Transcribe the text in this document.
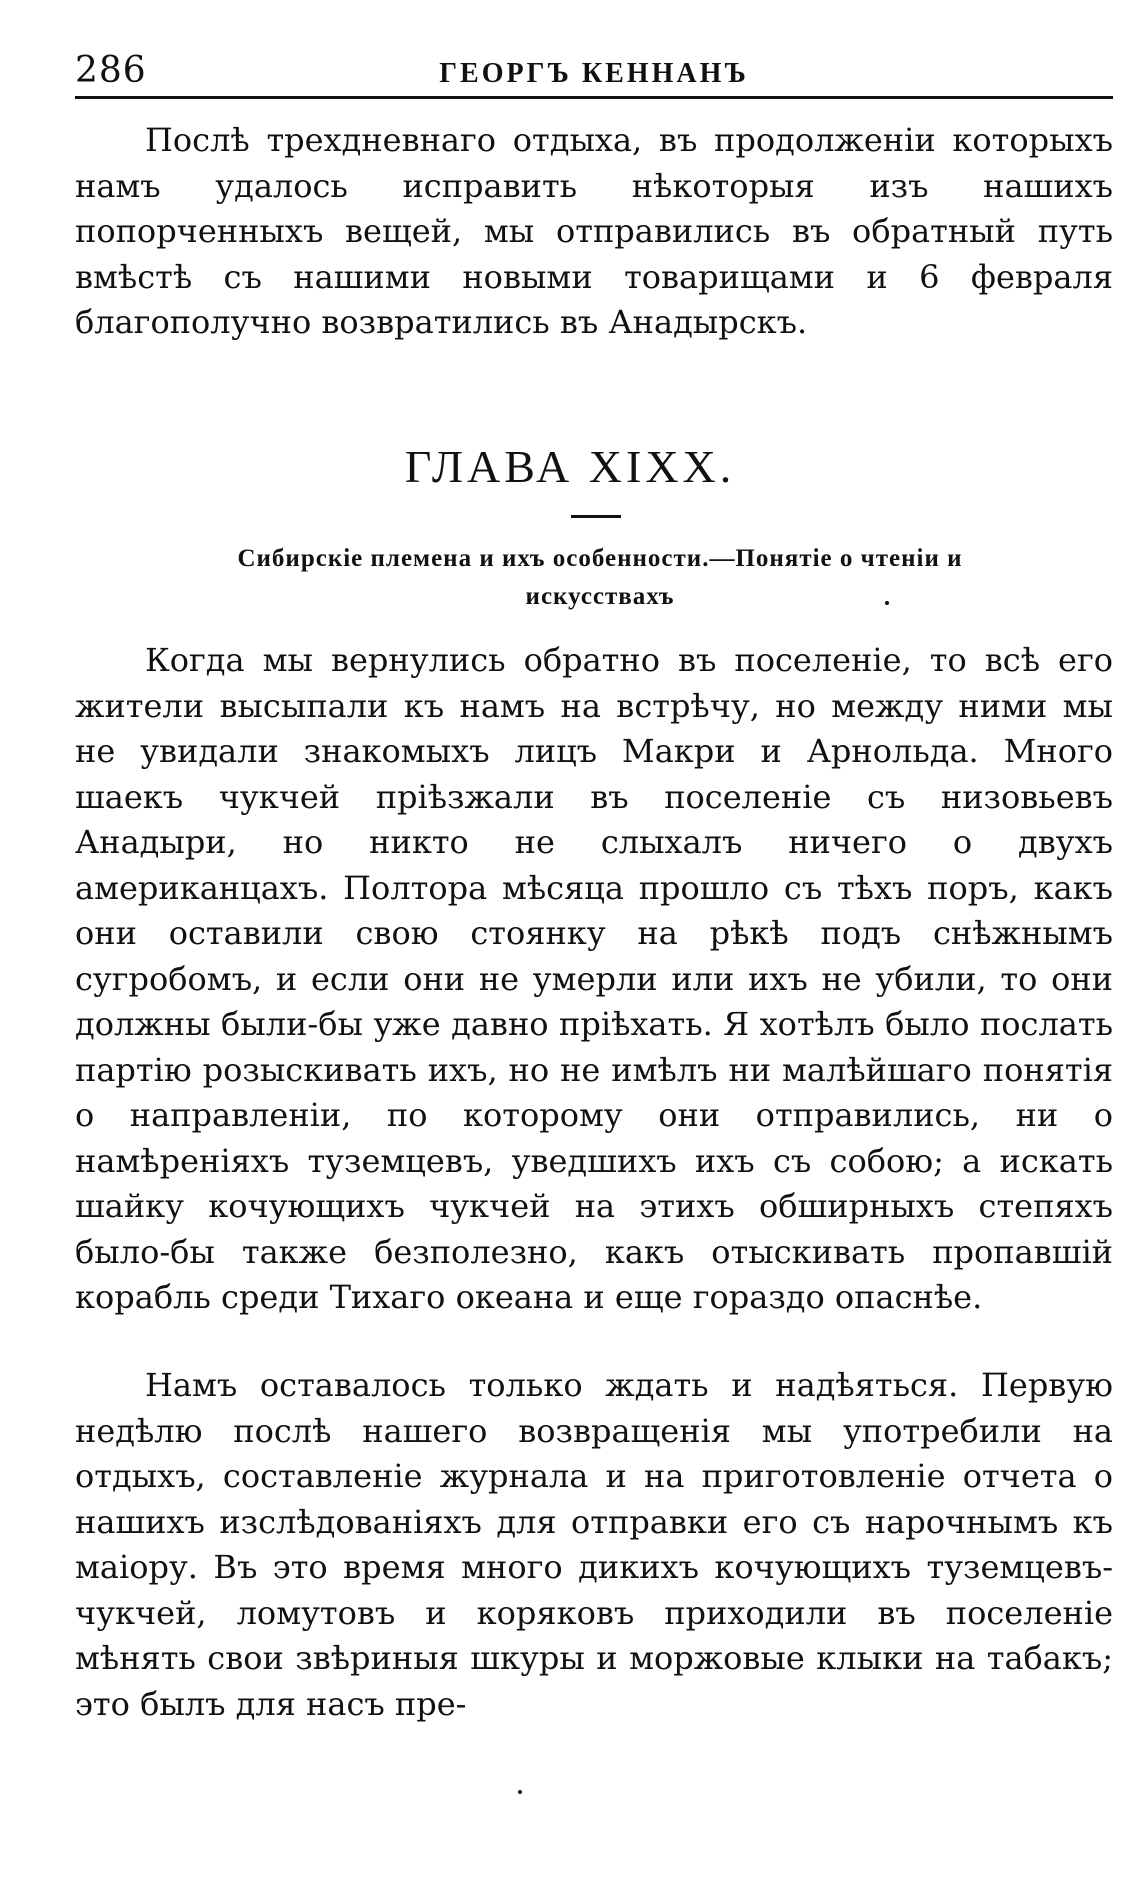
286	ГЕОРГЪ КЕННАНЪ

Послѣ трехдневнаго отдыха, въ продолженіи которыхъ намъ удалось исправить нѣкоторыя изъ нашихъ попорченныхъ вещей, мы отправились въ обратный путь вмѣстѣ съ нашими новыми товарищами и 6 февраля благополучно возвратились въ Анадырскъ.

ГЛАВА XIXX.
Сибирскіе племена и ихъ особенности.—Понятіе о чтеніи и искусствахъ

Когда мы вернулись обратно въ поселеніе, то всѣ его жители высыпали къ намъ на встрѣчу, но между ними мы не увидали знакомыхъ лицъ Макри и Арнольда. Много шаекъ чукчей пріѣзжали въ поселеніе съ низовьевъ Анадыри, но никто не слыхалъ ничего о двухъ американцахъ. Полтора мѣсяца прошло съ тѣхъ поръ, какъ они оставили свою стоянку на рѣкѣ подъ снѣжнымъ сугробомъ, и если они не умерли или ихъ не убили, то они должны были-бы уже давно пріѣхать. Я хотѣлъ было послать партію розыскивать ихъ, но не имѣлъ ни малѣйшаго понятія о направленіи, по которому они отправились, ни о намѣреніяхъ туземцевъ, уведшихъ ихъ съ собою; а искать шайку кочующихъ чукчей на этихъ обширныхъ степяхъ было-бы также безполезно, какъ отыскивать пропавшій корабль среди Тихаго океана и еще гораздо опаснѣе.

Намъ оставалось только ждать и надѣяться. Первую недѣлю послѣ нашего возвращенія мы употребили на отдыхъ, составленіе журнала и на приготовленіе отчета о нашихъ изслѣдованіяхъ для отправки его съ нарочнымъ къ маіору. Въ это время много дикихъ кочующихъ туземцевъ-чукчей, ломутовъ и коряковъ приходили въ поселеніе мѣнять свои звѣриныя шкуры и моржовые клыки на табакъ; это былъ для насъ пре-
